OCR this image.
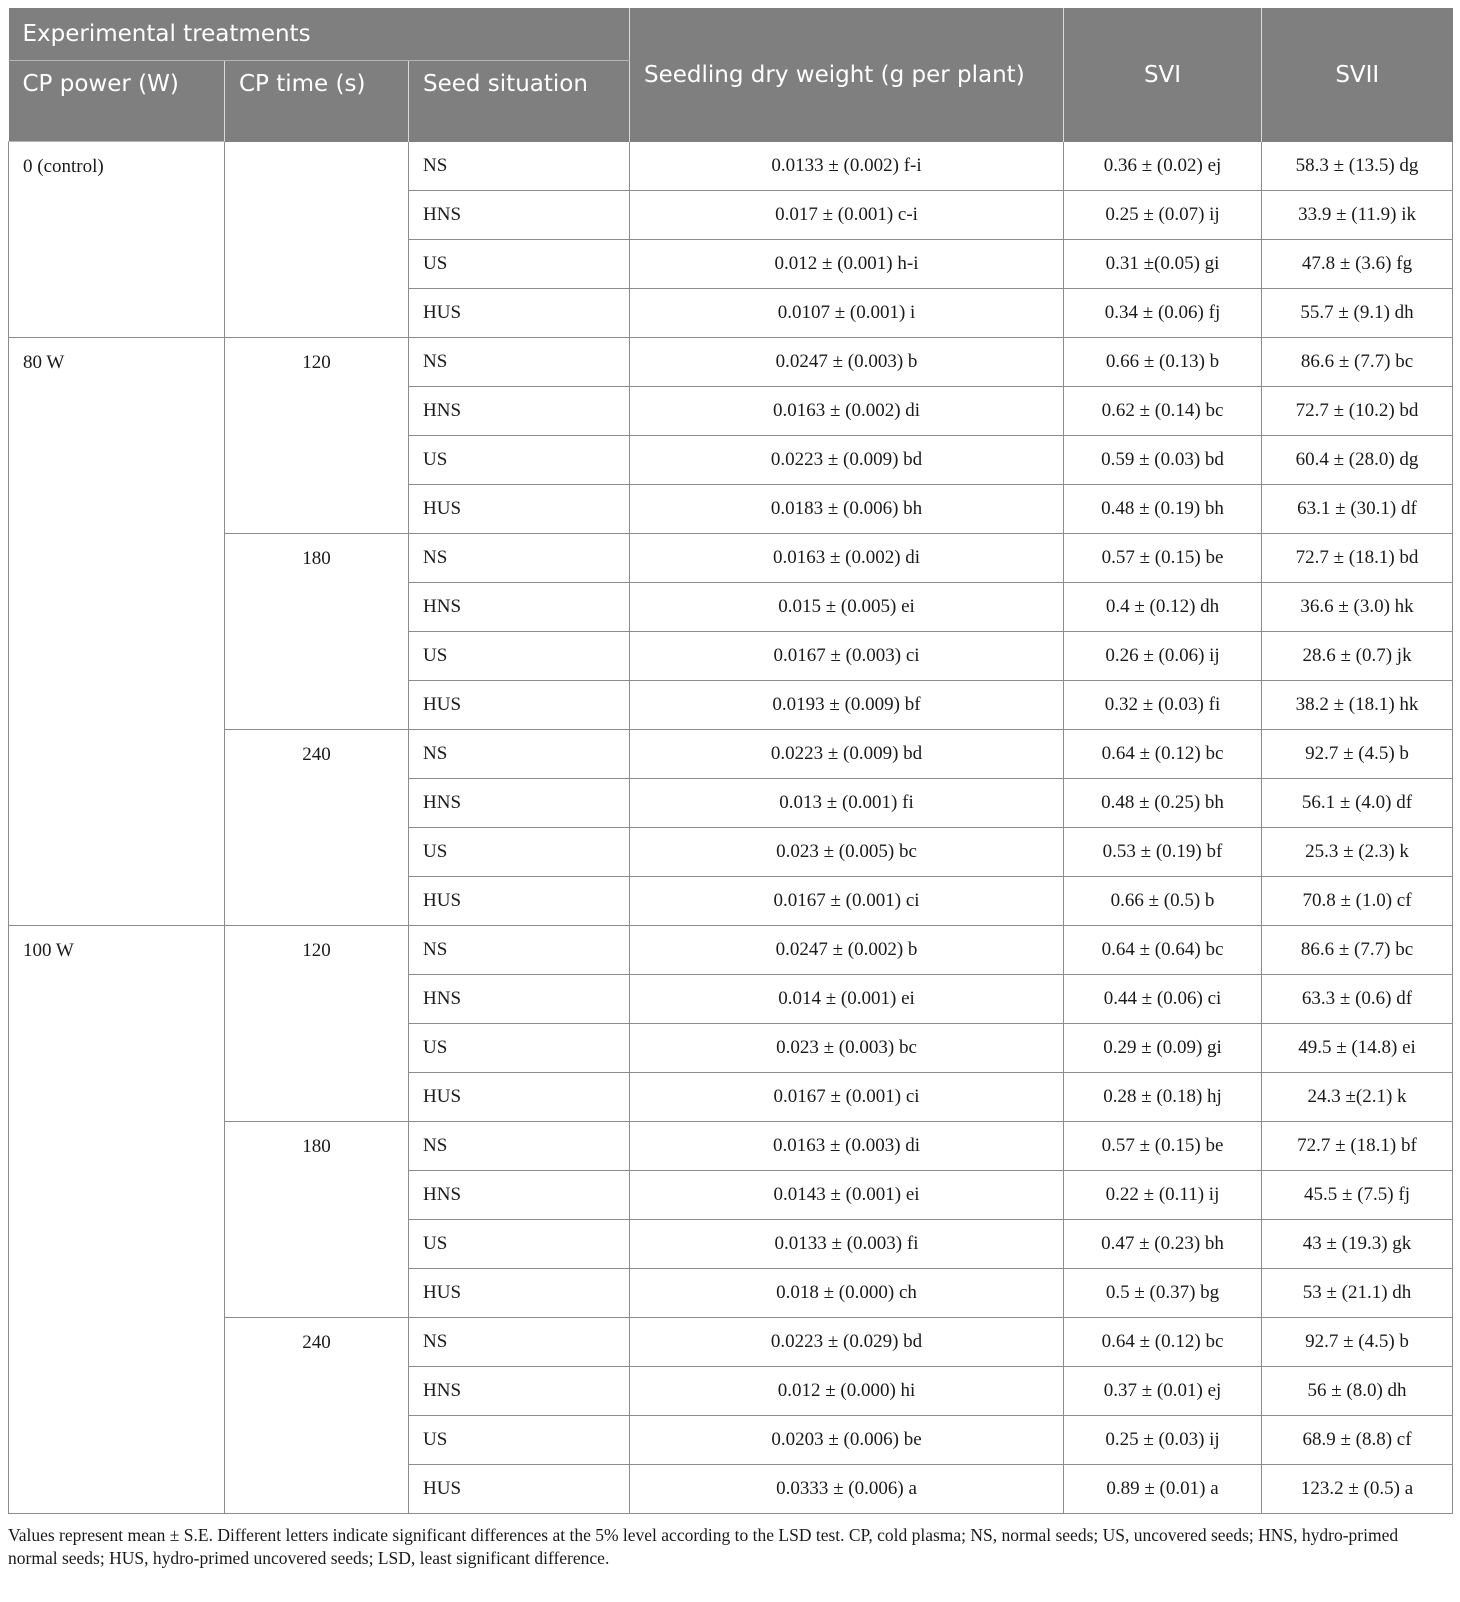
Experimental treatments			Seedling dry weight (g per plant)	SVI	SVII
CP power (W)	CP time (s)	Seed situation			
0 (control)		NS	0.0133 ± (0.002) f-i	0.36 ± (0.02) ej	58.3 ± (13.5) dg
		HNS	0.017 ± (0.001) c-i	0.25 ± (0.07) ij	33.9 ± (11.9) ik
		US	0.012 ± (0.001) h-i	0.31 ±(0.05) gi	47.8 ± (3.6) fg
		HUS	0.0107 ± (0.001) i	0.34 ± (0.06) fj	55.7 ± (9.1) dh
80 W	120	NS	0.0247 ± (0.003) b	0.66 ± (0.13) b	86.6 ± (7.7) bc
		HNS	0.0163 ± (0.002) di	0.62 ± (0.14) bc	72.7 ± (10.2) bd
		US	0.0223 ± (0.009) bd	0.59 ± (0.03) bd	60.4 ± (28.0) dg
		HUS	0.0183 ± (0.006) bh	0.48 ± (0.19) bh	63.1 ± (30.1) df
	180	NS	0.0163 ± (0.002) di	0.57 ± (0.15) be	72.7 ± (18.1) bd
		HNS	0.015 ± (0.005) ei	0.4 ± (0.12) dh	36.6 ± (3.0) hk
		US	0.0167 ± (0.003) ci	0.26 ± (0.06) ij	28.6 ± (0.7) jk
		HUS	0.0193 ± (0.009) bf	0.32 ± (0.03) fi	38.2 ± (18.1) hk
	240	NS	0.0223 ± (0.009) bd	0.64 ± (0.12) bc	92.7 ± (4.5) b
		HNS	0.013 ± (0.001) fi	0.48 ± (0.25) bh	56.1 ± (4.0) df
		US	0.023 ± (0.005) bc	0.53 ± (0.19) bf	25.3 ± (2.3) k
		HUS	0.0167 ± (0.001) ci	0.66 ± (0.5) b	70.8 ± (1.0) cf
100 W	120	NS	0.0247 ± (0.002) b	0.64 ± (0.64) bc	86.6 ± (7.7) bc
		HNS	0.014 ± (0.001) ei	0.44 ± (0.06) ci	63.3 ± (0.6) df
		US	0.023 ± (0.003) bc	0.29 ± (0.09) gi	49.5 ± (14.8) ei
		HUS	0.0167 ± (0.001) ci	0.28 ± (0.18) hj	24.3 ±(2.1) k
	180	NS	0.0163 ± (0.003) di	0.57 ± (0.15) be	72.7 ± (18.1) bf
		HNS	0.0143 ± (0.001) ei	0.22 ± (0.11) ij	45.5 ± (7.5) fj
		US	0.0133 ± (0.003) fi	0.47 ± (0.23) bh	43 ± (19.3) gk
		HUS	0.018 ± (0.000) ch	0.5 ± (0.37) bg	53 ± (21.1) dh
	240	NS	0.0223 ± (0.029) bd	0.64 ± (0.12) bc	92.7 ± (4.5) b
		HNS	0.012 ± (0.000) hi	0.37 ± (0.01) ej	56 ± (8.0) dh
		US	0.0203 ± (0.006) be	0.25 ± (0.03) ij	68.9 ± (8.8) cf
		HUS	0.0333 ± (0.006) a	0.89 ± (0.01) a	123.2 ± (0.5) a
Values represent mean ± S.E. Different letters indicate significant differences at the 5% level according to the LSD test. CP, cold plasma; NS, normal seeds; US, uncovered seeds; HNS, hydro-primed normal seeds; HUS, hydro-primed uncovered seeds; LSD, least significant difference.
